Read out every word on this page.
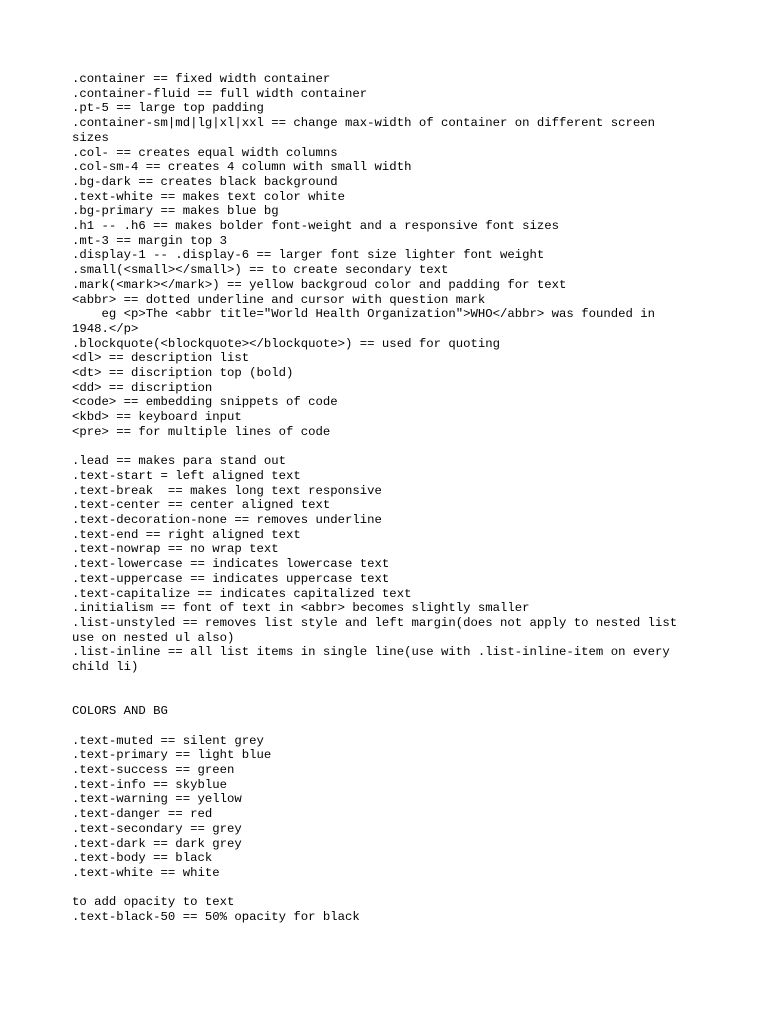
.container == fixed width container
.container-fluid == full width container
.pt-5 == large top padding
.container-sm|md|lg|xl|xxl == change max-width of container on different screen sizes
.col- == creates equal width columns
.col-sm-4 == creates 4 column with small width
.bg-dark == creates black background
.text-white == makes text color white
.bg-primary == makes blue bg
.h1 -- .h6 == makes bolder font-weight and a responsive font sizes
.mt-3 == margin top 3
.display-1 -- .display-6 == larger font size lighter font weight
.small(<small></small>) == to create secondary text
.mark(<mark></mark>) == yellow backgroud color and padding for text
<abbr> == dotted underline and cursor with question mark
eg <p>The <abbr title="World Health Organization">WHO</abbr> was founded in 1948.</p>
.blockquote(<blockquote></blockquote>) == used for quoting
<dl> == description list
<dt> == discription top (bold)
<dd> == discription
<code> == embedding snippets of code
<kbd> == keyboard input
<pre> == for multiple lines of code
.lead == makes para stand out
.text-start = left aligned text
.text-break  == makes long text responsive
.text-center == center aligned text
.text-decoration-none == removes underline
.text-end == right aligned text
.text-nowrap == no wrap text
.text-lowercase == indicates lowercase text
.text-uppercase == indicates uppercase text
.text-capitalize == indicates capitalized text
.initialism == font of text in <abbr> becomes slightly smaller
.list-unstyled == removes list style and left margin(does not apply to nested list use on nested ul also)
.list-inline == all list items in single line(use with .list-inline-item on every child li)
COLORS AND BG
.text-muted == silent grey
.text-primary == light blue
.text-success == green
.text-info == skyblue
.text-warning == yellow
.text-danger == red
.text-secondary == grey
.text-dark == dark grey
.text-body == black
.text-white == white
to add opacity to text
.text-black-50 == 50% opacity for black
